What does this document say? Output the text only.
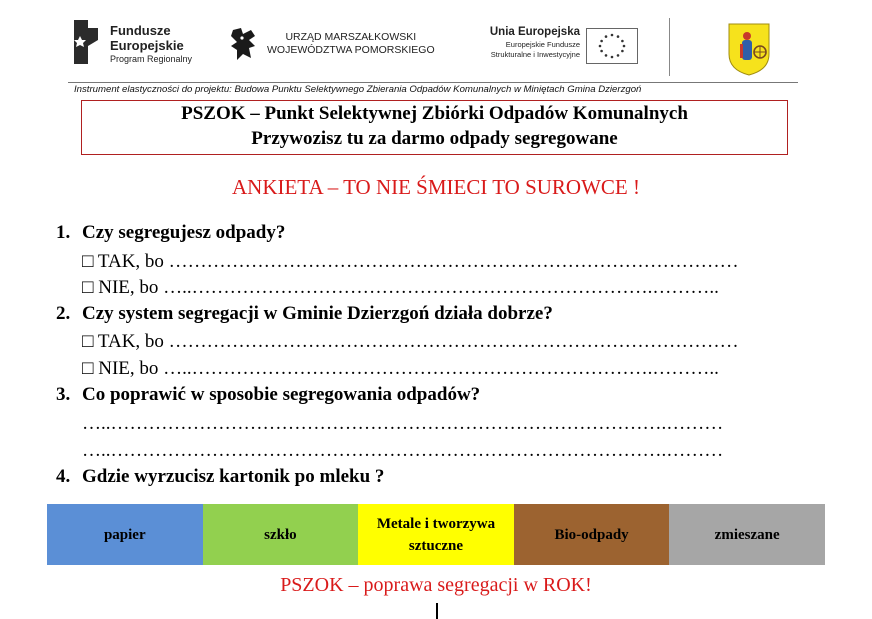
Fundusze
Europejskie
Program Regionalny
URZĄD MARSZAŁKOWSKI
WOJEWÓDZTWA POMORSKIEGO
Unia Europejska
Europejskie Fundusze
Strukturalne i Inwestycyjne
Instrument elastyczności do projektu: Budowa Punktu Selektywnego Zbierania Odpadów Komunalnych w Miniętach Gmina Dzierzgoń
PSZOK – Punkt Selektywnej Zbiórki Odpadów Komunalnych
Przywozisz tu za darmo odpady segregowane
ANKIETA – TO NIE ŚMIECI TO SUROWCE !
1. Czy segregujesz odpady?
□ TAK, bo ………………………………………………………………………………
□ NIE, bo …..……………………………………………………………….………..
2. Czy system segregacji w Gminie Dzierzgoń działa dobrze?
□ TAK, bo ………………………………………………………………………………
□ NIE, bo …..……………………………………………………………….………..
3. Co poprawić w sposobie segregowania odpadów?
…..…………………………………………………………………………….………
…..…………………………………………………………………………….………
4. Gdzie wyrzucisz kartonik po mleku ?
papier	szkło
Metale i tworzywa sztuczne
Bio-odpady	zmieszane
PSZOK – poprawa segregacji w ROK!
